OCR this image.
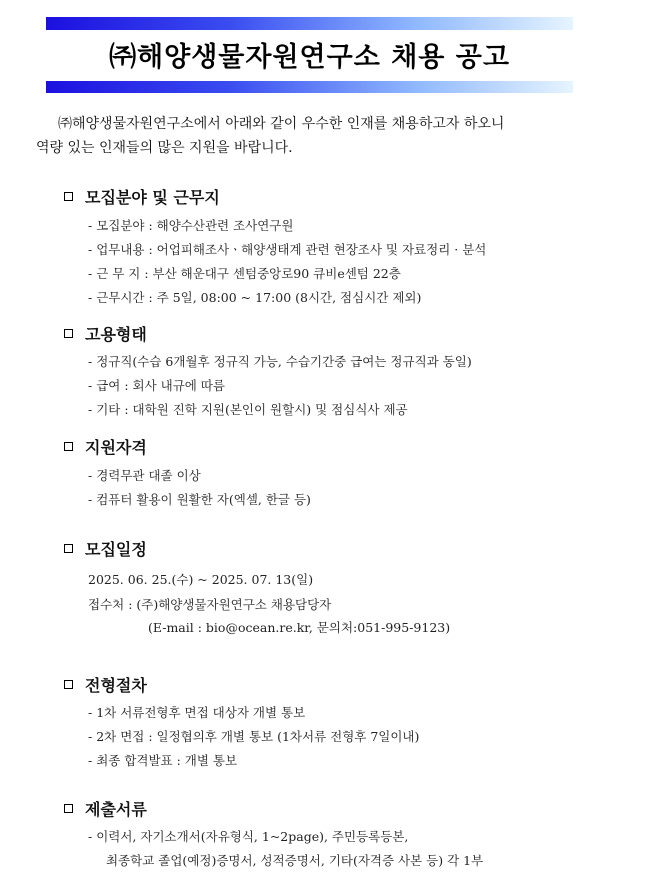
㈜해양생물자원연구소 채용 공고
㈜해양생물자원연구소에서 아래와 같이 우수한 인재를 채용하고자 하오니
역량 있는 인재들의 많은 지원을 바랍니다.
모집분야 및 근무지
- 모집분야 : 해양수산관련 조사연구원
- 업무내용 : 어업피해조사ㆍ해양생태계 관련 현장조사 및 자료정리 · 분석
- 근 무 지 : 부산 해운대구 센텀중앙로90 큐비e센텀 22층
- 근무시간 : 주 5일, 08:00 ~ 17:00 (8시간, 점심시간 제외)
고용형태
- 정규직(수습 6개월후 정규직 가능, 수습기간중 급여는 정규직과 동일)
- 급여 : 회사 내규에 따름
- 기타 : 대학원 진학 지원(본인이 원할시) 및 점심식사 제공
지원자격
- 경력무관 대졸 이상
- 컴퓨터 활용이 원활한 자(엑셀, 한글 등)
모집일정
2025. 06. 25.(수) ~ 2025. 07. 13(일)
접수처 : (주)해양생물자원연구소 채용담당자
(E-mail : bio@ocean.re.kr, 문의처:051-995-9123)
전형절차
- 1차 서류전형후 면접 대상자 개별 통보
- 2차 면접 : 일정협의후 개별 통보 (1차서류 전형후 7일이내)
- 최종 합격발표 : 개별 통보
제출서류
- 이력서, 자기소개서(자유형식, 1~2page), 주민등록등본,
최종학교 졸업(예정)증명서, 성적증명서, 기타(자격증 사본 등) 각 1부
